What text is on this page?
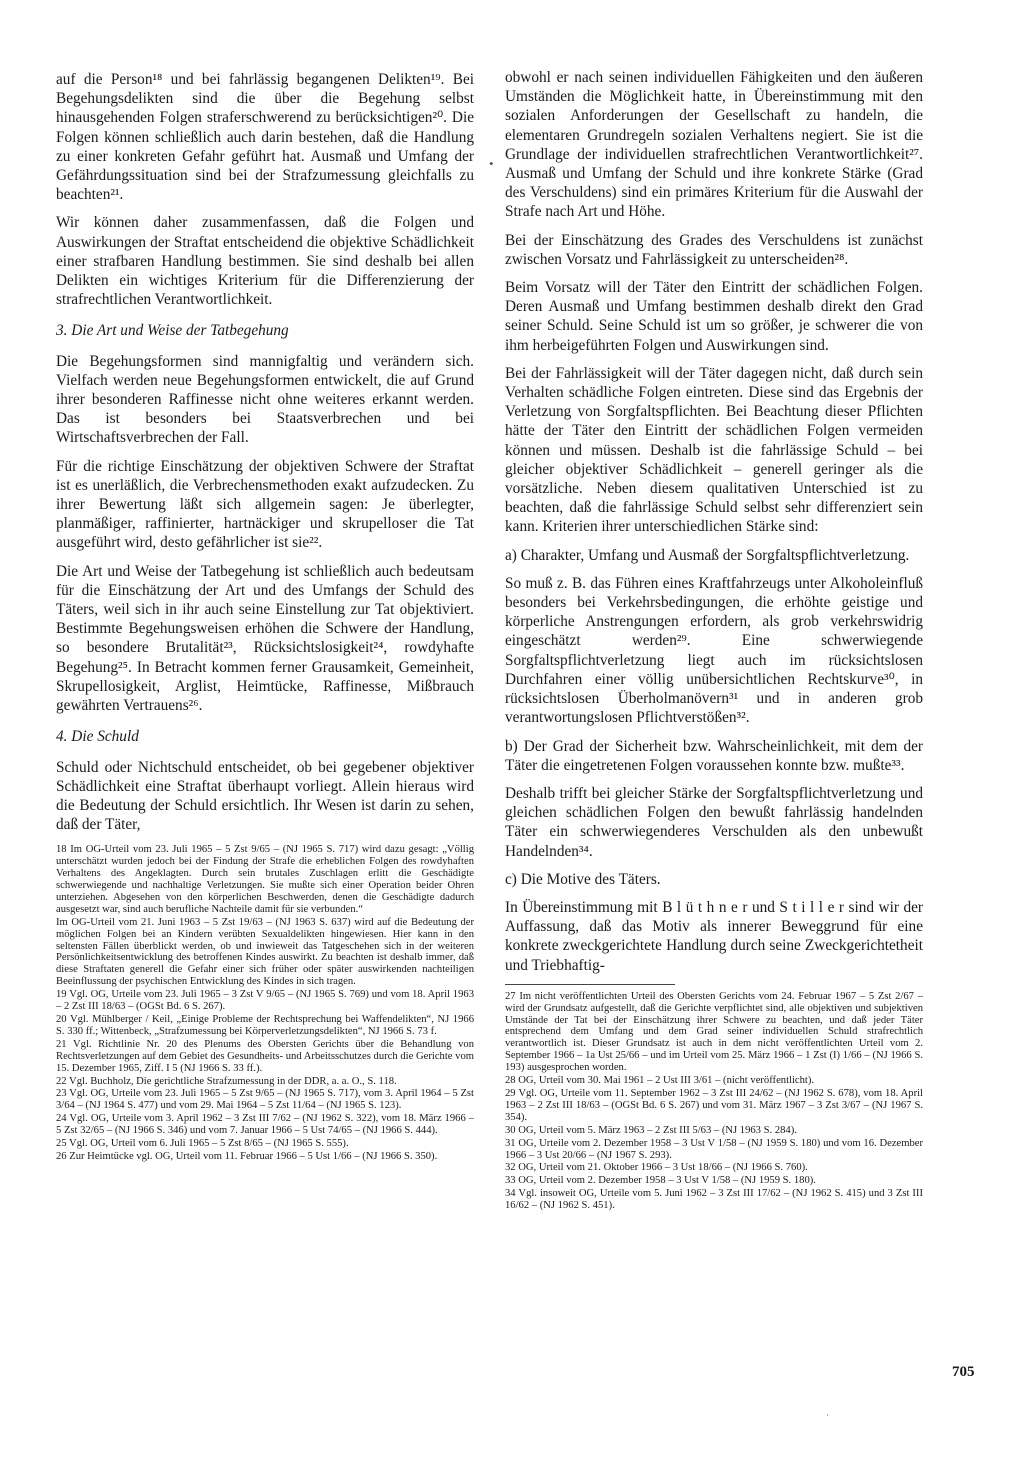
auf die Person¹⁸ und bei fahrlässig begangenen Delikten¹⁹. Bei Begehungsdelikten sind die über die Begehung selbst hinausgehenden Folgen straferschwerend zu berücksichtigen²⁰. Die Folgen können schließlich auch darin bestehen, daß die Handlung zu einer konkreten Gefahr geführt hat. Ausmaß und Umfang der Gefährdungssituation sind bei der Strafzumessung gleichfalls zu beachten²¹.
Wir können daher zusammenfassen, daß die Folgen und Auswirkungen der Straftat entscheidend die objektive Schädlichkeit einer strafbaren Handlung bestimmen. Sie sind deshalb bei allen Delikten ein wichtiges Kriterium für die Differenzierung der strafrechtlichen Verantwortlichkeit.
3. Die Art und Weise der Tatbegehung
Die Begehungsformen sind mannigfaltig und verändern sich. Vielfach werden neue Begehungsformen entwickelt, die auf Grund ihrer besonderen Raffinesse nicht ohne weiteres erkannt werden. Das ist besonders bei Staatsverbrechen und bei Wirtschaftsverbrechen der Fall.
Für die richtige Einschätzung der objektiven Schwere der Straftat ist es unerläßlich, die Verbrechensmethoden exakt aufzudecken. Zu ihrer Bewertung läßt sich allgemein sagen: Je überlegter, planmäßiger, raffinierter, hartnäckiger und skrupelloser die Tat ausgeführt wird, desto gefährlicher ist sie²².
Die Art und Weise der Tatbegehung ist schließlich auch bedeutsam für die Einschätzung der Art und des Umfangs der Schuld des Täters, weil sich in ihr auch seine Einstellung zur Tat objektiviert. Bestimmte Begehungsweisen erhöhen die Schwere der Handlung, so besondere Brutalität²³, Rücksichtslosigkeit²⁴, rowdyhafte Begehung²⁵. In Betracht kommen ferner Grausamkeit, Gemeinheit, Skrupellosigkeit, Arglist, Heimtücke, Raffinesse, Mißbrauch gewährten Vertrauens²⁶.
4. Die Schuld
Schuld oder Nichtschuld entscheidet, ob bei gegebener objektiver Schädlichkeit eine Straftat überhaupt vorliegt. Allein hieraus wird die Bedeutung der Schuld ersichtlich. Ihr Wesen ist darin zu sehen, daß der Täter,
18 Im OG-Urteil vom 23. Juli 1965 – 5 Zst 9/65 – (NJ 1965 S. 717) wird dazu gesagt: „Völlig unterschätzt wurden jedoch bei der Findung der Strafe die erheblichen Folgen des rowdyhaften Verhaltens des Angeklagten. Durch sein brutales Zuschlagen erlitt die Geschädigte schwerwiegende und nachhaltige Verletzungen. Sie mußte sich einer Operation beider Ohren unterziehen. Abgesehen von den körperlichen Beschwerden, denen die Geschädigte dadurch ausgesetzt war, sind auch berufliche Nachteile damit für sie verbunden.“
Im OG-Urteil vom 21. Juni 1963 – 5 Zst 19/63 – (NJ 1963 S. 637) wird auf die Bedeutung der möglichen Folgen bei an Kindern verübten Sexualdelikten hingewiesen. Hier kann in den seltensten Fällen überblickt werden, ob und inwieweit das Tatgeschehen sich in der weiteren Persönlichkeitsentwicklung des betroffenen Kindes auswirkt. Zu beachten ist deshalb immer, daß diese Straftaten generell die Gefahr einer sich früher oder später auswirkenden nachteiligen Beeinflussung der psychischen Entwicklung des Kindes in sich tragen.
19 Vgl. OG, Urteile vom 23. Juli 1965 – 3 Zst V 9/65 – (NJ 1965 S. 769) und vom 18. April 1963 – 2 Zst III 18/63 – (OGSt Bd. 6 S. 267).
20 Vgl. Mühlberger / Keil, „Einige Probleme der Rechtsprechung bei Waffendelikten“, NJ 1966 S. 330 ff.; Wittenbeck, „Strafzumessung bei Körperverletzungsdelikten“, NJ 1966 S. 73 f.
21 Vgl. Richtlinie Nr. 20 des Plenums des Obersten Gerichts über die Behandlung von Rechtsverletzungen auf dem Gebiet des Gesundheits- und Arbeitsschutzes durch die Gerichte vom 15. Dezember 1965, Ziff. I 5 (NJ 1966 S. 33 ff.).
22 Vgl. Buchholz, Die gerichtliche Strafzumessung in der DDR, a. a. O., S. 118.
23 Vgl. OG, Urteile vom 23. Juli 1965 – 5 Zst 9/65 – (NJ 1965 S. 717), vom 3. April 1964 – 5 Zst 3/64 – (NJ 1964 S. 477) und vom 29. Mai 1964 – 5 Zst 11/64 – (NJ 1965 S. 123).
24 Vgl. OG, Urteile vom 3. April 1962 – 3 Zst III 7/62 – (NJ 1962 S. 322), vom 18. März 1966 – 5 Zst 32/65 – (NJ 1966 S. 346) und vom 7. Januar 1966 – 5 Ust 74/65 – (NJ 1966 S. 444).
25 Vgl. OG, Urteil vom 6. Juli 1965 – 5 Zst 8/65 – (NJ 1965 S. 555).
26 Zur Heimtücke vgl. OG, Urteil vom 11. Februar 1966 – 5 Ust 1/66 – (NJ 1966 S. 350).
obwohl er nach seinen individuellen Fähigkeiten und den äußeren Umständen die Möglichkeit hatte, in Übereinstimmung mit den sozialen Anforderungen der Gesellschaft zu handeln, die elementaren Grundregeln sozialen Verhaltens negiert. Sie ist die Grundlage der individuellen strafrechtlichen Verantwortlichkeit²⁷. Ausmaß und Umfang der Schuld und ihre konkrete Stärke (Grad des Verschuldens) sind ein primäres Kriterium für die Auswahl der Strafe nach Art und Höhe.
Bei der Einschätzung des Grades des Verschuldens ist zunächst zwischen Vorsatz und Fahrlässigkeit zu unterscheiden²⁸.
Beim Vorsatz will der Täter den Eintritt der schädlichen Folgen. Deren Ausmaß und Umfang bestimmen deshalb direkt den Grad seiner Schuld. Seine Schuld ist um so größer, je schwerer die von ihm herbeigeführten Folgen und Auswirkungen sind.
Bei der Fahrlässigkeit will der Täter dagegen nicht, daß durch sein Verhalten schädliche Folgen eintreten. Diese sind das Ergebnis der Verletzung von Sorgfaltspflichten. Bei Beachtung dieser Pflichten hätte der Täter den Eintritt der schädlichen Folgen vermeiden können und müssen. Deshalb ist die fahrlässige Schuld – bei gleicher objektiver Schädlichkeit – generell geringer als die vorsätzliche. Neben diesem qualitativen Unterschied ist zu beachten, daß die fahrlässige Schuld selbst sehr differenziert sein kann. Kriterien ihrer unterschiedlichen Stärke sind:
a) Charakter, Umfang und Ausmaß der Sorgfaltspflichtverletzung.
So muß z. B. das Führen eines Kraftfahrzeugs unter Alkoholeinfluß besonders bei Verkehrsbedingungen, die erhöhte geistige und körperliche Anstrengungen erfordern, als grob verkehrswidrig eingeschätzt werden²⁹. Eine schwerwiegende Sorgfaltspflichtverletzung liegt auch im rücksichtslosen Durchfahren einer völlig unübersichtlichen Rechtskurve³⁰, in rücksichtslosen Überholmanövern³¹ und in anderen grob verantwortungslosen Pflichtverstößen³².
b) Der Grad der Sicherheit bzw. Wahrscheinlichkeit, mit dem der Täter die eingetretenen Folgen voraussehen konnte bzw. mußte³³.
Deshalb trifft bei gleicher Stärke der Sorgfaltspflichtverletzung und gleichen schädlichen Folgen den bewußt fahrlässig handelnden Täter ein schwerwiegenderes Verschulden als den unbewußt Handelnden³⁴.
c) Die Motive des Täters.
In Übereinstimmung mit B l ü t h n e r und S t i l l e r sind wir der Auffassung, daß das Motiv als innerer Beweggrund für eine konkrete zweckgerichtete Handlung durch seine Zweckgerichtetheit und Triebhaftig-
27 Im nicht veröffentlichten Urteil des Obersten Gerichts vom 24. Februar 1967 – 5 Zst 2/67 – wird der Grundsatz aufgestellt, daß die Gerichte verpflichtet sind, alle objektiven und subjektiven Umstände der Tat bei der Einschätzung ihrer Schwere zu beachten, und daß jeder Täter entsprechend dem Umfang und dem Grad seiner individuellen Schuld strafrechtlich verantwortlich ist. Dieser Grundsatz ist auch in dem nicht veröffentlichten Urteil vom 2. September 1966 – 1a Ust 25/66 – und im Urteil vom 25. März 1966 – 1 Zst (I) 1/66 – (NJ 1966 S. 193) ausgesprochen worden.
28 OG, Urteil vom 30. Mai 1961 – 2 Ust III 3/61 – (nicht veröffentlicht).
29 Vgl. OG, Urteile vom 11. September 1962 – 3 Zst III 24/62 – (NJ 1962 S. 678), vom 18. April 1963 – 2 Zst III 18/63 – (OGSt Bd. 6 S. 267) und vom 31. März 1967 – 3 Zst 3/67 – (NJ 1967 S. 354).
30 OG, Urteil vom 5. März 1963 – 2 Zst III 5/63 – (NJ 1963 S. 284).
31 OG, Urteile vom 2. Dezember 1958 – 3 Ust V 1/58 – (NJ 1959 S. 180) und vom 16. Dezember 1966 – 3 Ust 20/66 – (NJ 1967 S. 293).
32 OG, Urteil vom 21. Oktober 1966 – 3 Ust 18/66 – (NJ 1966 S. 760).
33 OG, Urteil vom 2. Dezember 1958 – 3 Ust V 1/58 – (NJ 1959 S. 180).
34 Vgl. insoweit OG, Urteile vom 5. Juni 1962 – 3 Zst III 17/62 – (NJ 1962 S. 415) und 3 Zst III 16/62 – (NJ 1962 S. 451).
705
•
·
